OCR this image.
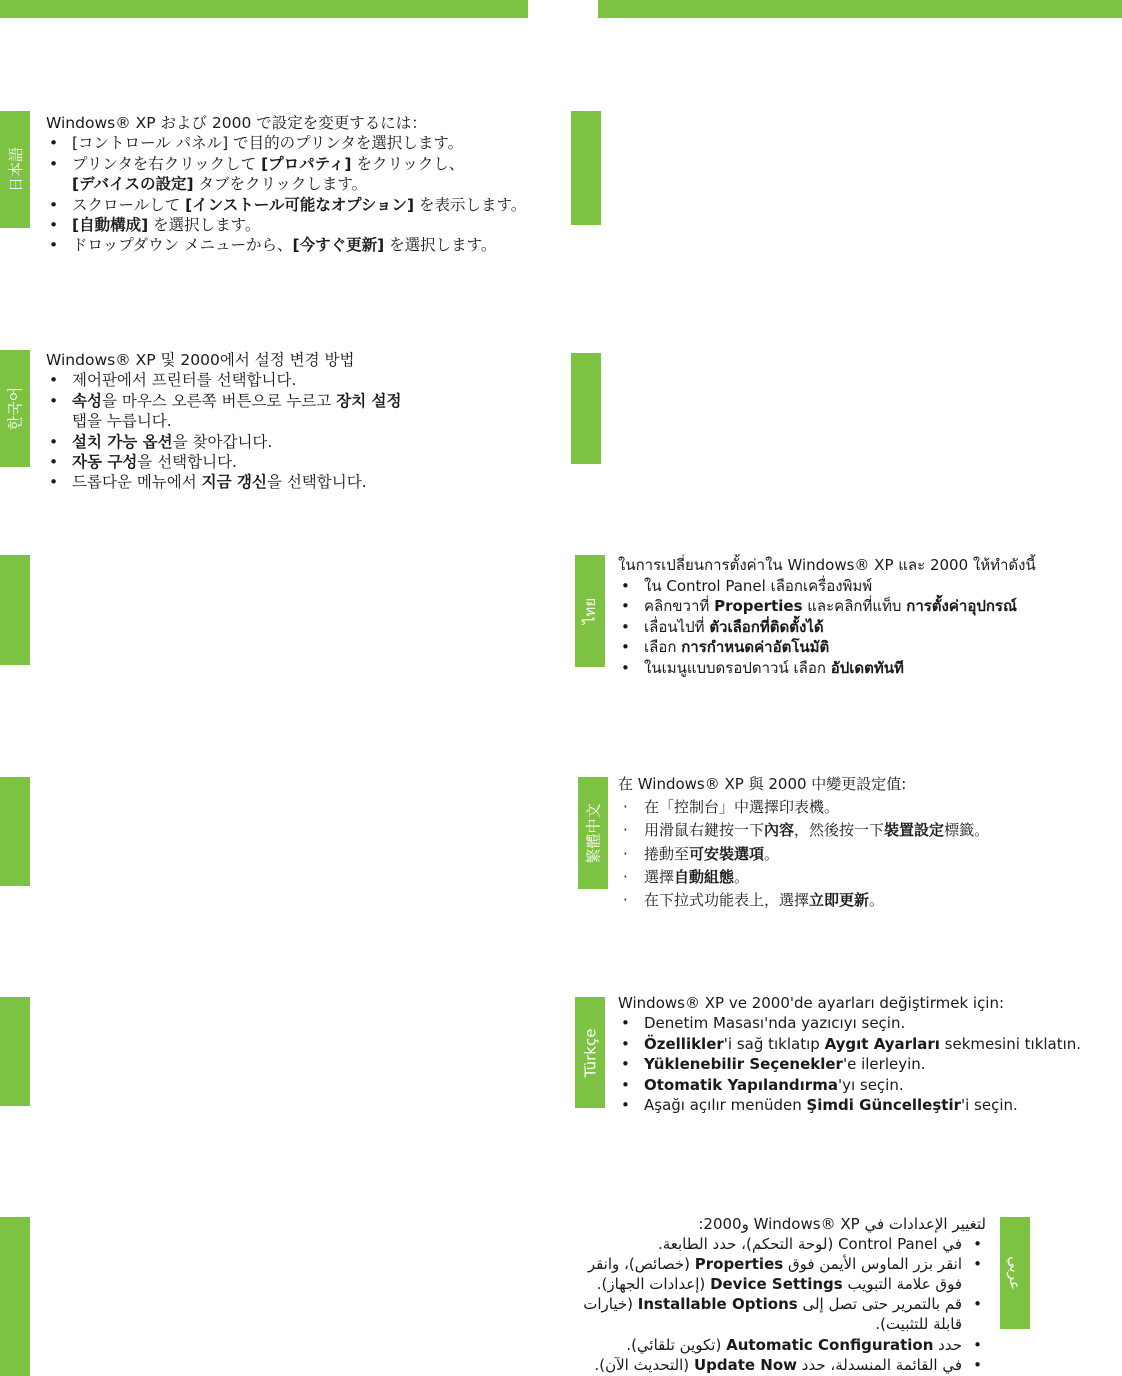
日本語
Windows® XP および 2000 で設定を変更するには：
• [コントロール パネル] で目的のプリンタを選択します。
• プリンタを右クリックして [プロパティ] をクリックし、
[デバイスの設定] タブをクリックします。
• スクロールして [インストール可能なオプション] を表示します。
• [自動構成] を選択します。
• ドロップダウン メニューから、[今すぐ更新] を選択します。
한국어
Windows® XP 및 2000에서 설정 변경 방법
• 제어판에서 프린터를 선택합니다.
• 속성을 마우스 오른쪽 버튼으로 누르고 장치 설정
탭을 누릅니다.
• 설치 가능 옵션을 찾아갑니다.
• 자동 구성을 선택합니다.
• 드롭다운 메뉴에서 지금 갱신을 선택합니다.
ไทย
ในการเปลี่ยนการตั้งค่าใน Windows® XP และ 2000 ให้ทำดังนี้
• ใน Control Panel เลือกเครื่องพิมพ์
• คลิกขวาที่ Properties และคลิกที่แท็บ การตั้งค่าอุปกรณ์
• เลื่อนไปที่ ตัวเลือกที่ติดตั้งได้
• เลือก การกำหนดค่าอัตโนมัติ
• ในเมนูแบบดรอปดาวน์ เลือก อัปเดตทันที
繁體中文
在 Windows® XP 與 2000 中變更設定值:
· 在「控制台」中選擇印表機。
· 用滑鼠右鍵按一下內容，然後按一下裝置設定標籤。
· 捲動至可安裝選項。
· 選擇自動組態。
· 在下拉式功能表上，選擇立即更新。
Türkçe
Windows® XP ve 2000'de ayarları değiştirmek için:
• Denetim Masası'nda yazıcıyı seçin.
• Özellikler'i sağ tıklatıp Aygıt Ayarları sekmesini tıklatın.
• Yüklenebilir Seçenekler'e ilerleyin.
• Otomatik Yapılandırma'yı seçin.
• Aşağı açılır menüden Şimdi Güncelleştir'i seçin.
عربي
لتغيير الإعدادات في Windows® XP و2000:
• في Control Panel (لوحة التحكم)، حدد الطابعة.
• انقر بزر الماوس الأيمن فوق Properties (خصائص)، وانقر فوق علامة التبويب Device Settings (إعدادات الجهاز).
• قم بالتمرير حتى تصل إلى Installable Options (خيارات قابلة للتثبيت).
• حدد Automatic Configuration (تكوين تلقائي).
• في القائمة المنسدلة، حدد Update Now (التحديث الآن).
